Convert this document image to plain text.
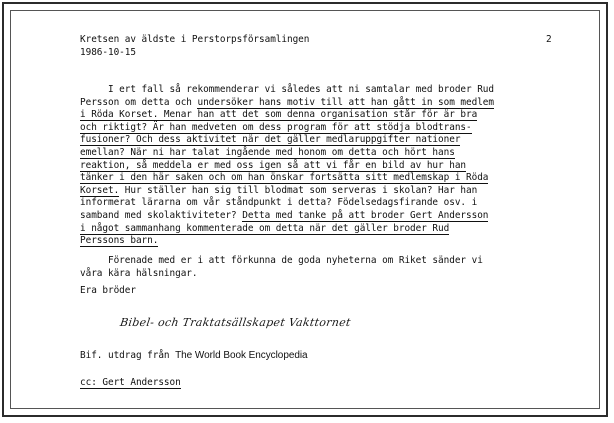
Kretsen av äldste i Perstorpsförsamlingen	2
1986-10-15
I ert fall så rekommenderar vi således att ni samtalar med broder Rud
Persson om detta och undersöker hans motiv till att han gått in som medlem
i Röda Korset. Menar han att det som denna organisation står för är bra
och riktigt? Är han medveten om dess program för att stödja blodtrans-
fusioner? Och dess aktivitet när det gäller medlaruppgifter nationer
emellan? När ni har talat ingående med honom om detta och hört hans
reaktion, så meddela er med oss igen så att vi får en bild av hur han
tänker i den här saken och om han önskar fortsätta sitt medlemskap i Röda
Korset. Hur ställer han sig till blodmat som serveras i skolan? Har han
informerat lärarna om vår ståndpunkt i detta? Födelsedagsfirande osv. i
samband med skolaktiviteter? Detta med tanke på att broder Gert Andersson
i något sammanhang kommenterade om detta när det gäller broder Rud
Perssons barn.
Förenade med er i att förkunna de goda nyheterna om Riket sänder vi
våra kära hälsningar.
Era bröder
Bibel- och Traktatsällskapet Vakttornet
Bif. utdrag från The World Book Encyclopedia
cc: Gert Andersson
